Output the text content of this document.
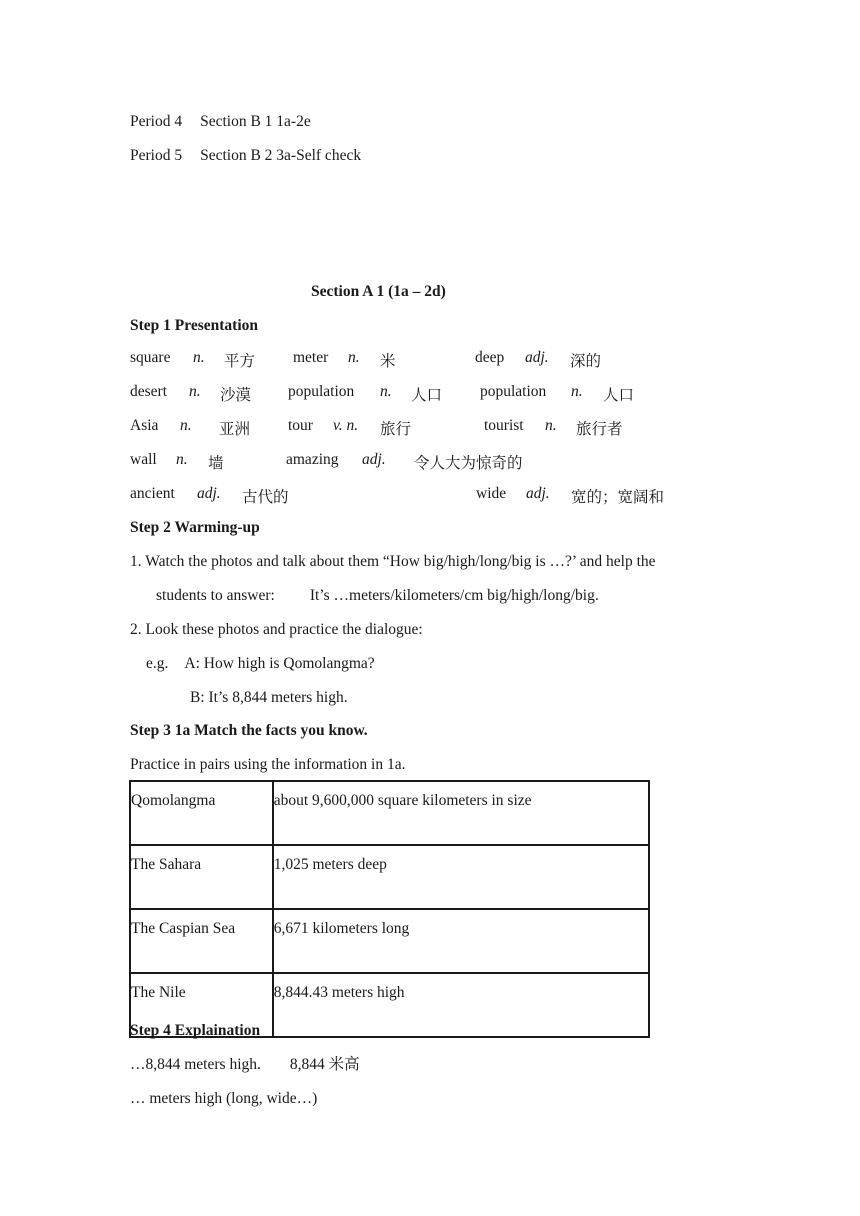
Period 4 Section B 1 1a-2e
Period 5 Section B 2 3a-Self check
Section A 1 (1a – 2d)
Step 1 Presentation
square n. 平方 meter n. 米	deep adj. 深的
desert n. 沙漠 population n. 人口 population n. 人口
Asia n. 亚洲 tour v. n. 旅行	tourist n. 旅行者
wall n. 墙	amazing adj. 令人大为惊奇的
ancient adj. 古代的	wide adj. 宽的；宽阔和
Step 2 Warming-up
1. Watch the photos and talk about them “How big/high/long/big is …?’ and help the
students to answer: It’s …meters/kilometers/cm big/high/long/big.
2. Look these photos and practice the dialogue:
e.g. A: How high is Qomolangma?
B: It’s 8,844 meters high.
Step 3 1a Match the facts you know.
Practice in pairs using the information in 1a.
Qomolangma	about 9,600,000 square kilometers in size
The Sahara	1,025 meters deep
The Caspian Sea	6,671 kilometers long
The Nile	8,844.43 meters high
Step 4 Explaination
…8,844 meters high. 8,844 米高
… meters high (long, wide…)
